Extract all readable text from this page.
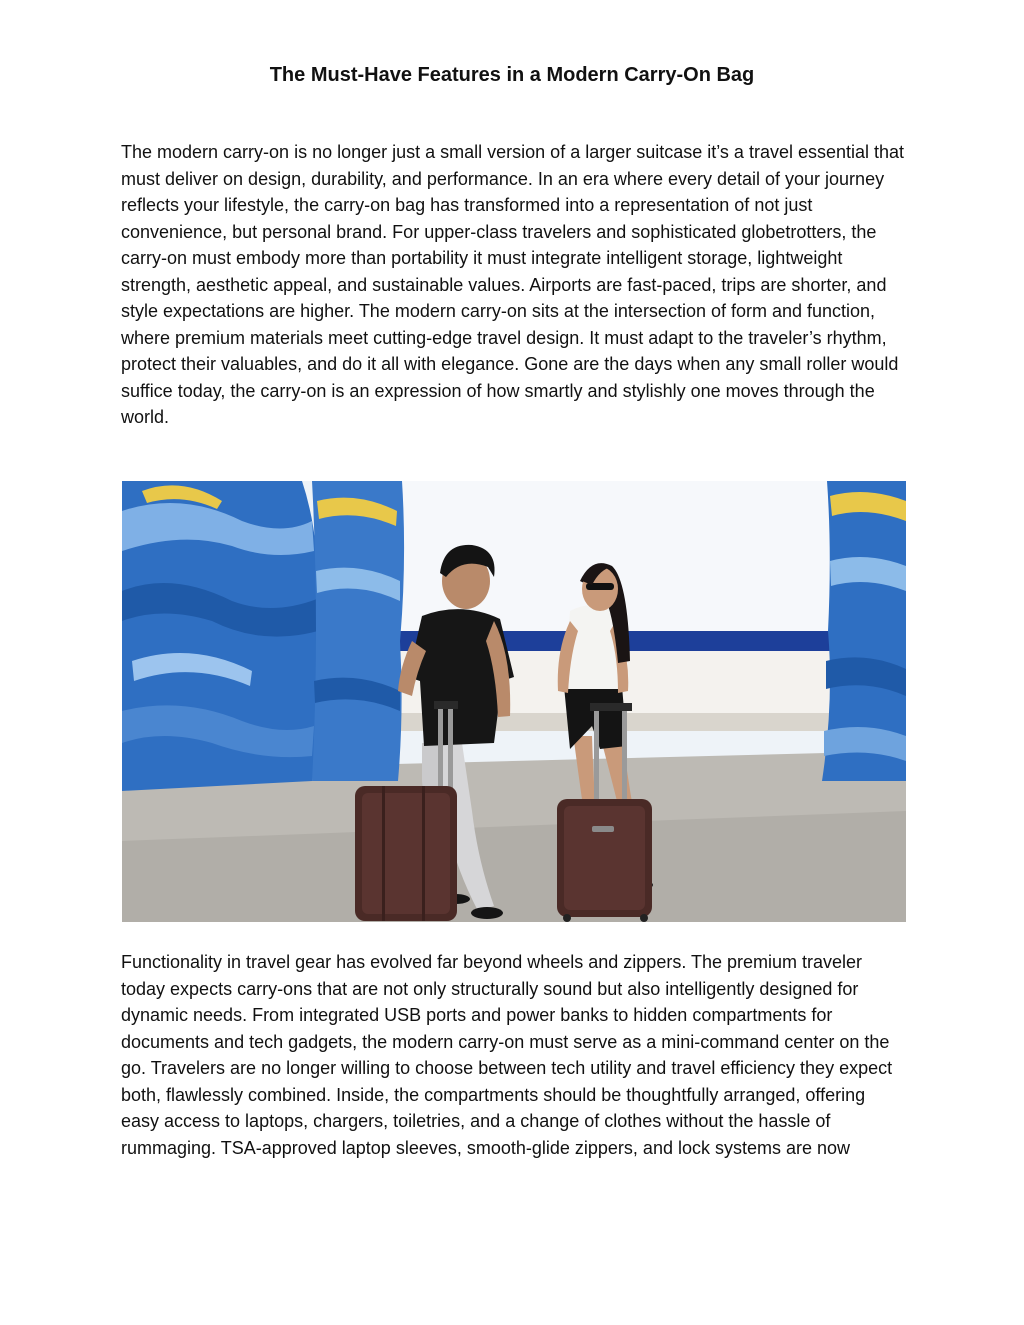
The Must-Have Features in a Modern Carry-On Bag

The modern carry-on is no longer just a small version of a larger suitcase it’s a travel essential that must deliver on design, durability, and performance. In an era where every detail of your journey reflects your lifestyle, the carry-on bag has transformed into a representation of not just convenience, but personal brand. For upper-class travelers and sophisticated globetrotters, the carry-on must embody more than portability it must integrate intelligent storage, lightweight strength, aesthetic appeal, and sustainable values. Airports are fast-paced, trips are shorter, and style expectations are higher. The modern carry-on sits at the intersection of form and function, where premium materials meet cutting-edge travel design. It must adapt to the traveler’s rhythm, protect their valuables, and do it all with elegance. Gone are the days when any small roller would suffice today, the carry-on is an expression of how smartly and stylishly one moves through the world.

Functionality in travel gear has evolved far beyond wheels and zippers. The premium traveler today expects carry-ons that are not only structurally sound but also intelligently designed for dynamic needs. From integrated USB ports and power banks to hidden compartments for documents and tech gadgets, the modern carry-on must serve as a mini-command center on the go. Travelers are no longer willing to choose between tech utility and travel efficiency they expect both, flawlessly combined. Inside, the compartments should be thoughtfully arranged, offering easy access to laptops, chargers, toiletries, and a change of clothes without the hassle of rummaging. TSA-approved laptop sleeves, smooth-glide zippers, and lock systems are now
